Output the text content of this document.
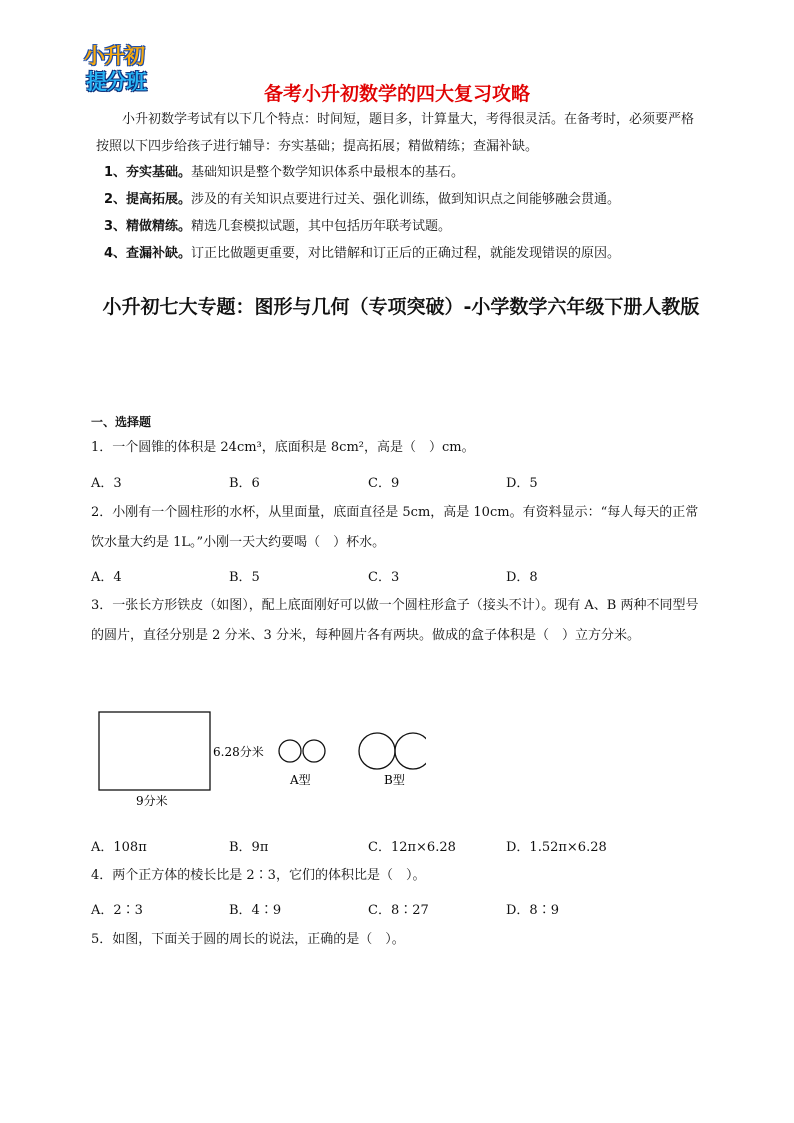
小升初
提分班	备考小升初数学的四大复习攻略
小升初数学考试有以下几个特点：时间短，题目多，计算量大，考得很灵活。在备考时，必须要严格按照以下四步给孩子进行辅导：夯实基础；提高拓展；精做精练；查漏补缺。
1、夯实基础。基础知识是整个数学知识体系中最根本的基石。
2、提高拓展。涉及的有关知识点要进行过关、强化训练，做到知识点之间能够融会贯通。
3、精做精练。精选几套模拟试题，其中包括历年联考试题。
4、查漏补缺。订正比做题更重要，对比错解和订正后的正确过程，就能发现错误的原因。
小升初七大专题：图形与几何（专项突破）-小学数学六年级下册人教版
一、选择题
1．一个圆锥的体积是 24cm³，底面积是 8cm²，高是（　）cm。
A．3	B．6	C．9	D．5
2．小刚有一个圆柱形的水杯，从里面量，底面直径是 5cm，高是 10cm。有资料显示：“每人每天的正常饮水量大约是 1L。”小刚一天大约要喝（　）杯水。
A．4	B．5	C．3	D．8
3．一张长方形铁皮（如图），配上底面刚好可以做一个圆柱形盒子（接头不计）。现有 A、B 两种不同型号的圆片，直径分别是 2 分米、3 分米，每种圆片各有两块。做成的盒子体积是（　）立方分米。
6.28分米
9分米
A型	B型
A．108π	B．9π	C．12π×6.28	D．1.52π×6.28
4．两个正方体的棱长比是 2∶3，它们的体积比是（　）。
A．2∶3	B．4∶9	C．8∶27	D．8∶9
5．如图，下面关于圆的周长的说法，正确的是（　）。
